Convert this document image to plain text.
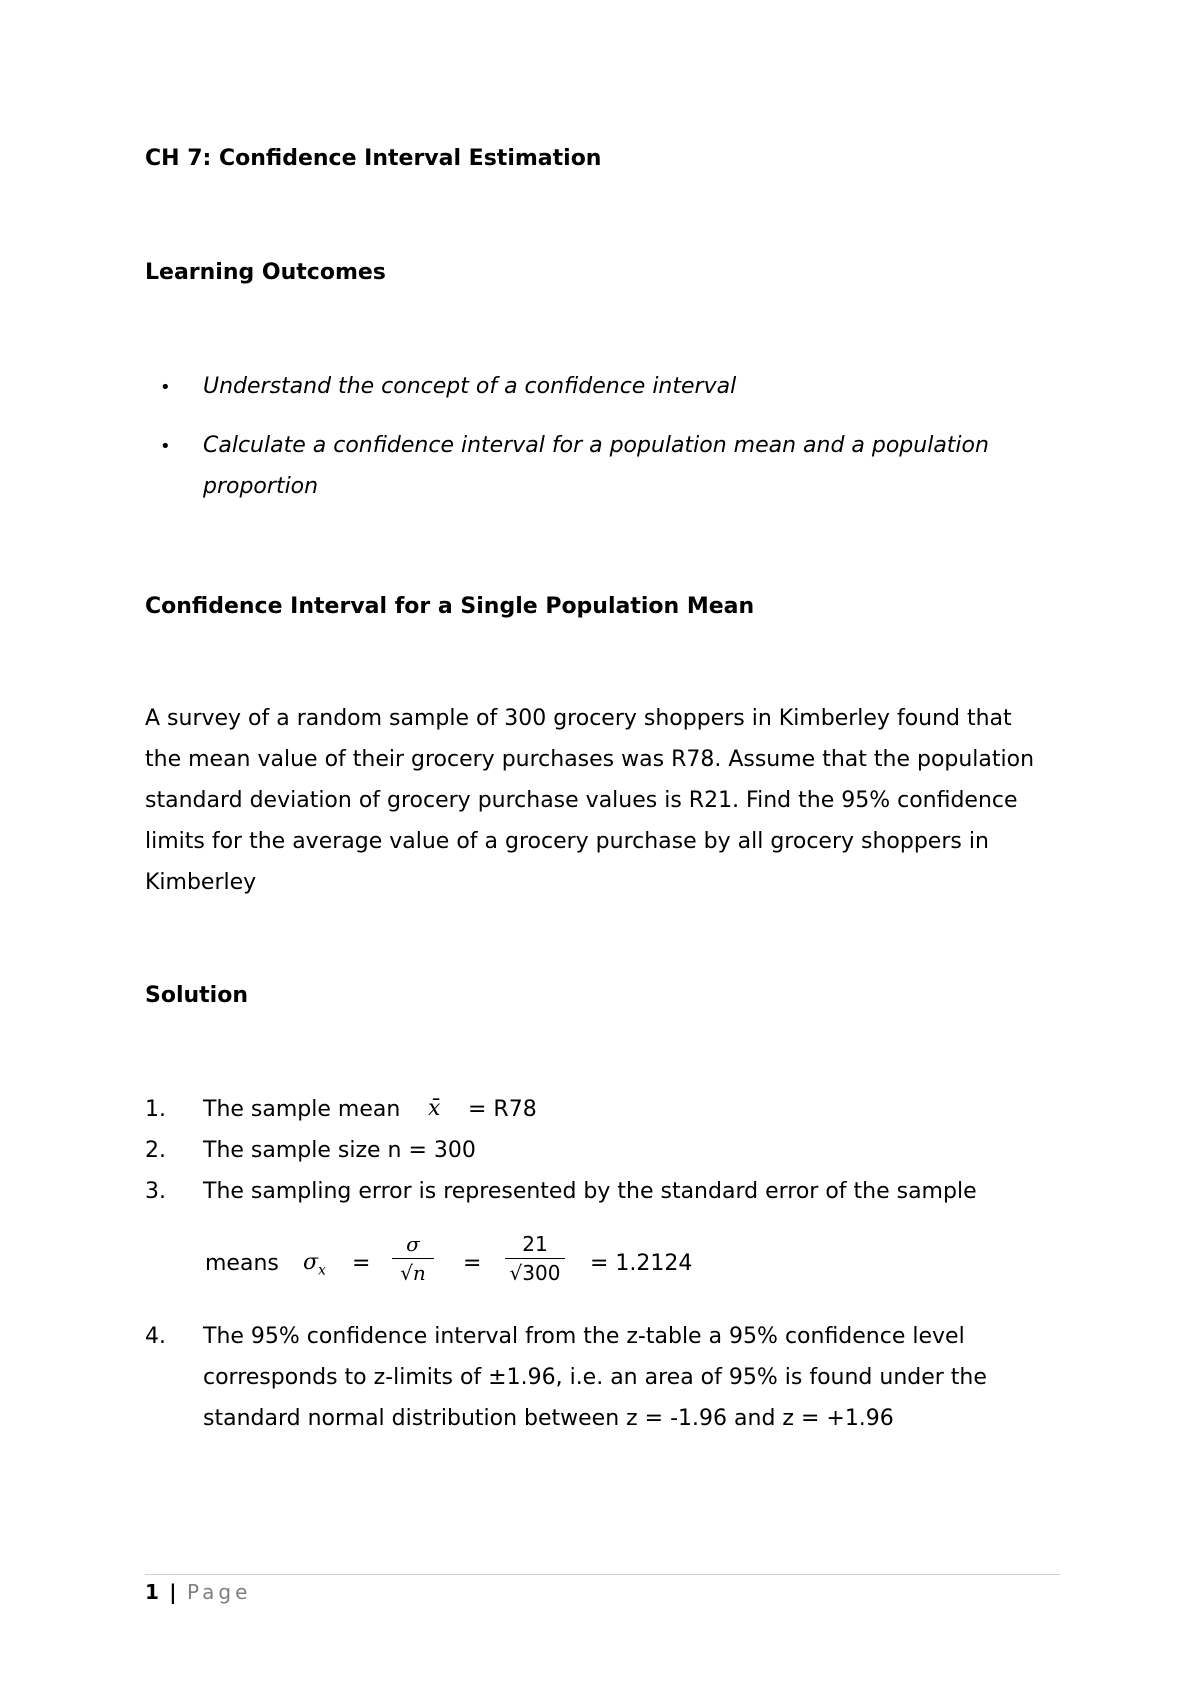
CH 7: Confidence Interval Estimation
Learning Outcomes
• Understand the concept of a confidence interval
• Calculate a confidence interval for a population mean and a population
proportion
Confidence Interval for a Single Population Mean
A survey of a random sample of 300 grocery shoppers in Kimberley found that
the mean value of their grocery purchases was R78. Assume that the population
standard deviation of grocery purchase values is R21. Find the 95% confidence
limits for the average value of a grocery purchase by all grocery shoppers in
Kimberley
Solution
1. The sample mean x̄ = R78
2. The sample size n = 300
3. The sampling error is represented by the standard error of the sample
means $\sigma_x = \frac{\sigma}{√n} = \frac{21}{√300} = 1.2124$
4. The 95% confidence interval from the z-table a 95% confidence level
corresponds to z-limits of ±1.96, i.e. an area of 95% is found under the
standard normal distribution between z = -1.96 and z = +1.96
1 | Page
